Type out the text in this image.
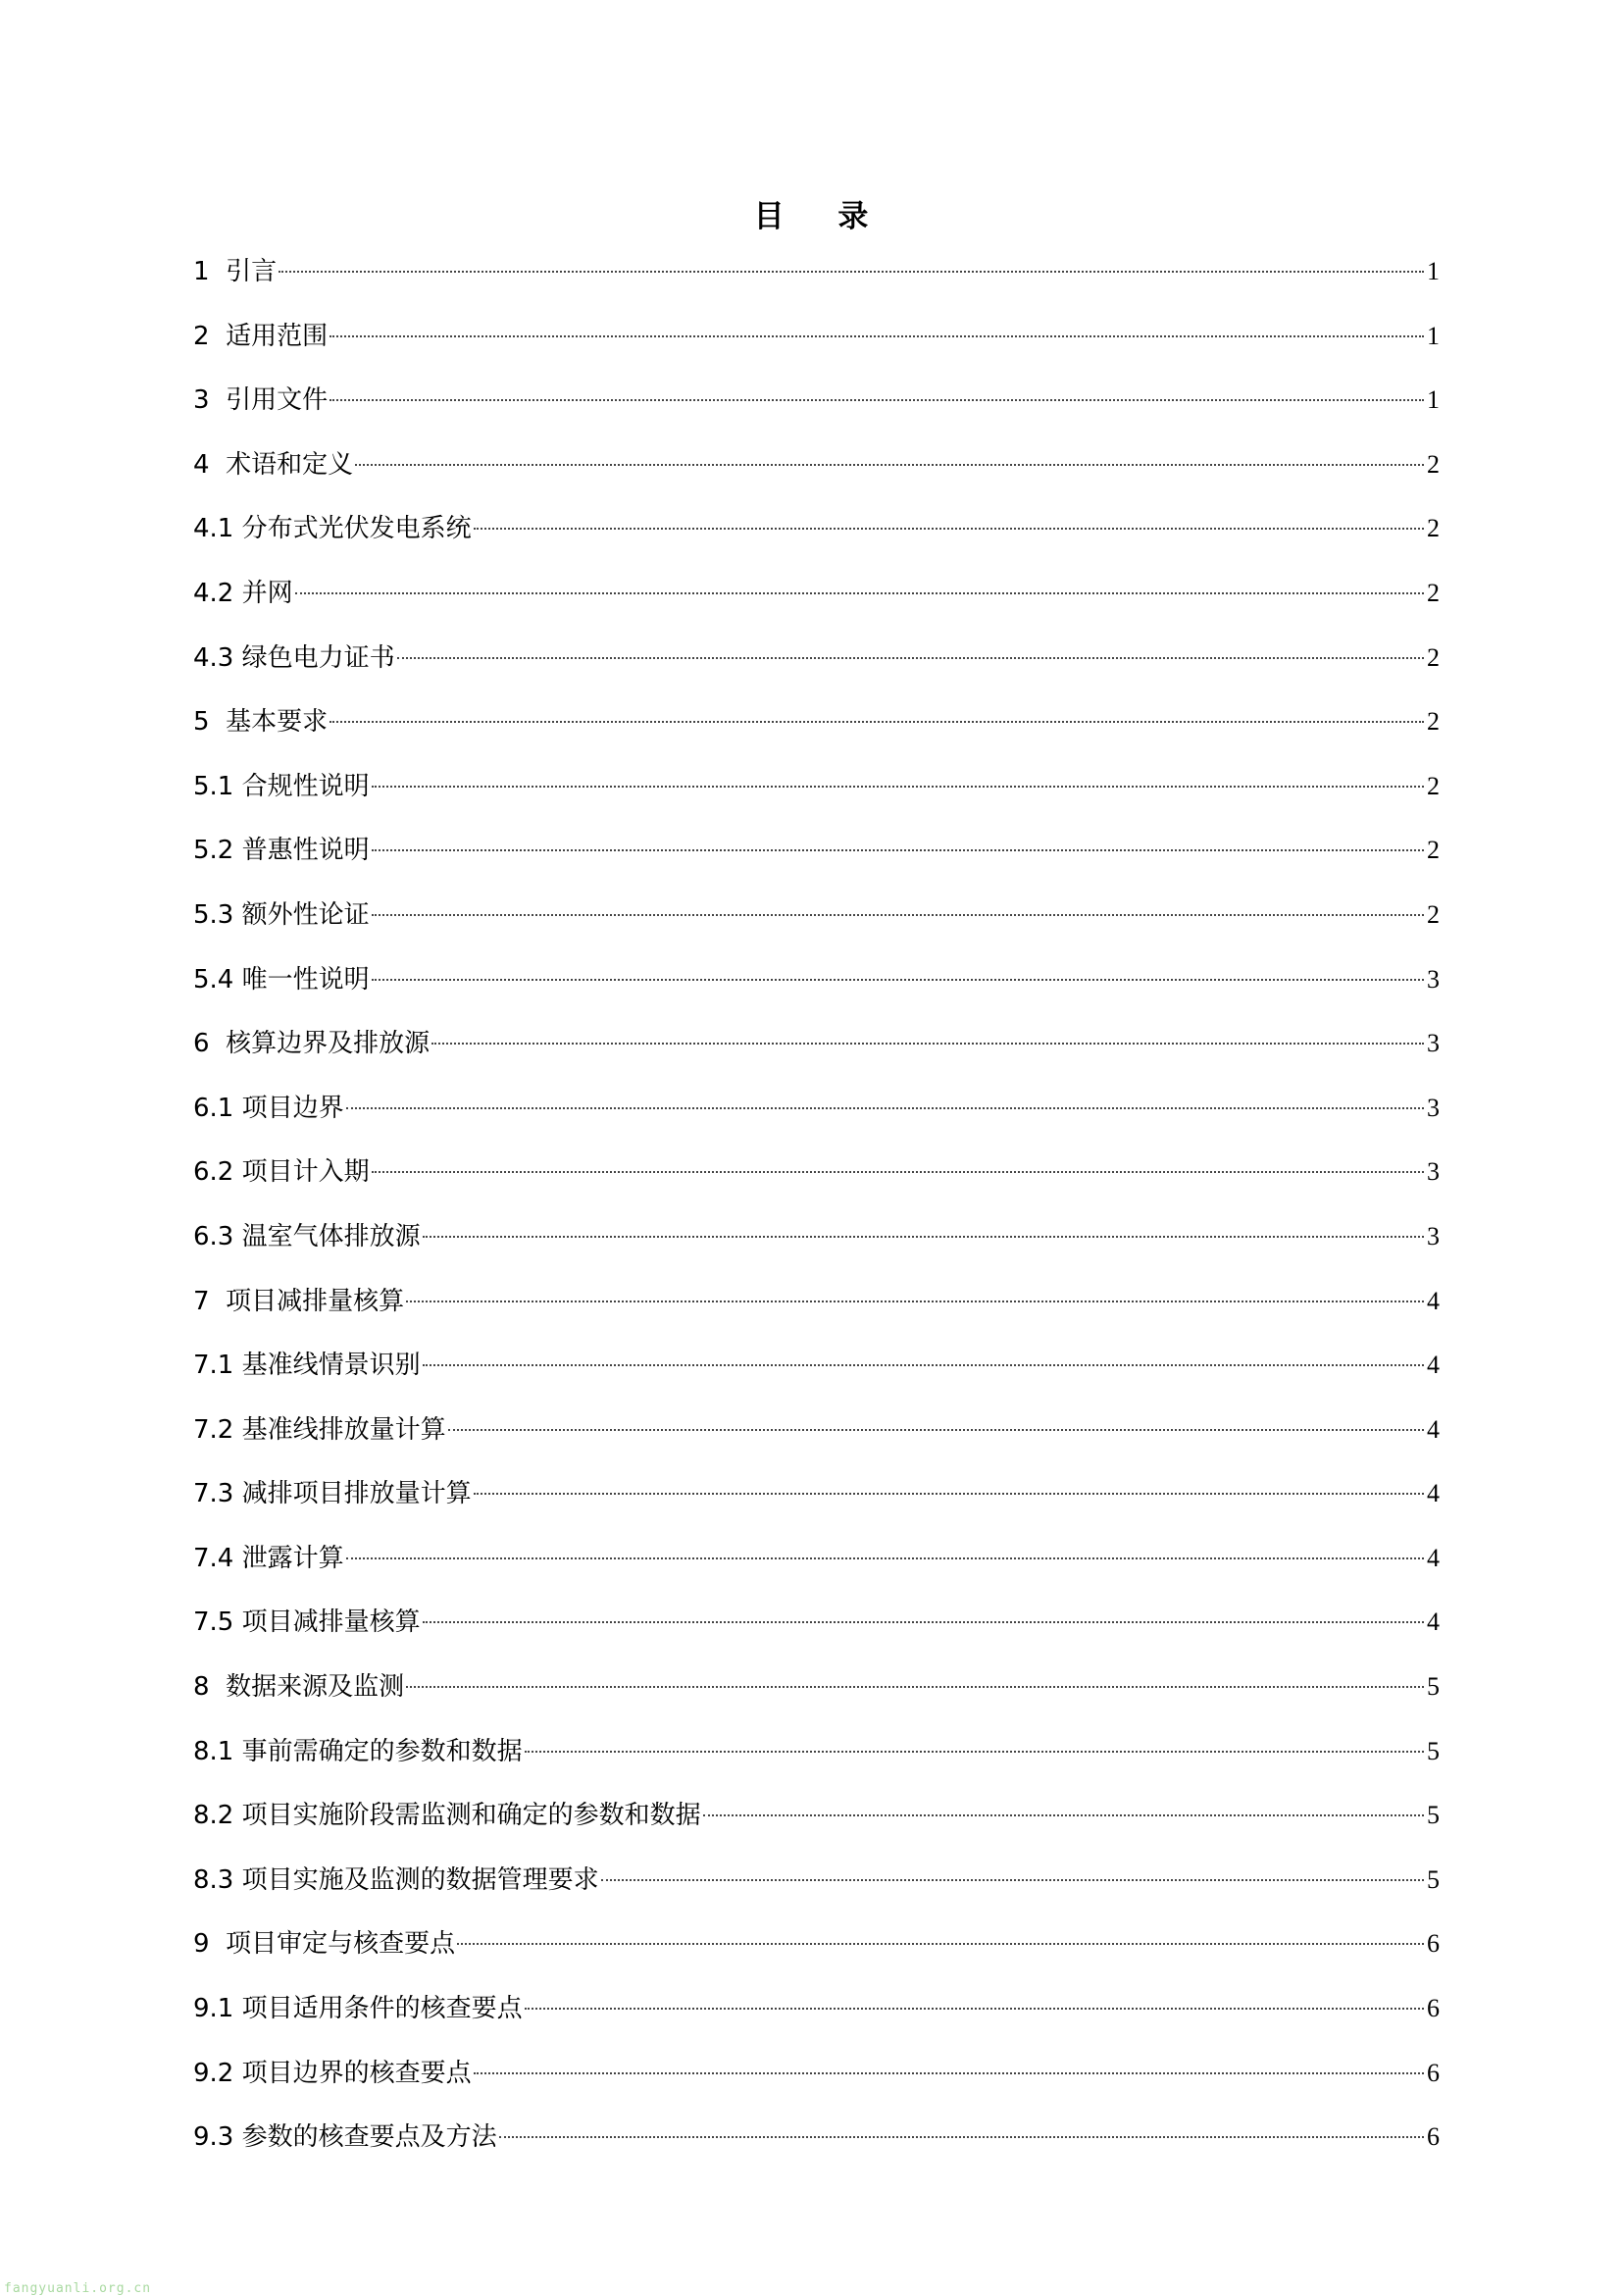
目 录
1  引言	1
2  适用范围	1
3  引用文件	1
4  术语和定义	2
4.1 分布式光伏发电系统	2
4.2 并网	2
4.3 绿色电力证书	2
5  基本要求	2
5.1 合规性说明	2
5.2 普惠性说明	2
5.3 额外性论证	2
5.4 唯一性说明	3
6  核算边界及排放源	3
6.1 项目边界	3
6.2 项目计入期	3
6.3 温室气体排放源	3
7  项目减排量核算	4
7.1 基准线情景识别	4
7.2 基准线排放量计算	4
7.3 减排项目排放量计算	4
7.4 泄露计算	4
7.5 项目减排量核算	4
8  数据来源及监测	5
8.1 事前需确定的参数和数据	5
8.2 项目实施阶段需监测和确定的参数和数据	5
8.3 项目实施及监测的数据管理要求	5
9  项目审定与核查要点	6
9.1 项目适用条件的核查要点	6
9.2 项目边界的核查要点	6
9.3 参数的核查要点及方法	6
fangyuanli.org.cn
